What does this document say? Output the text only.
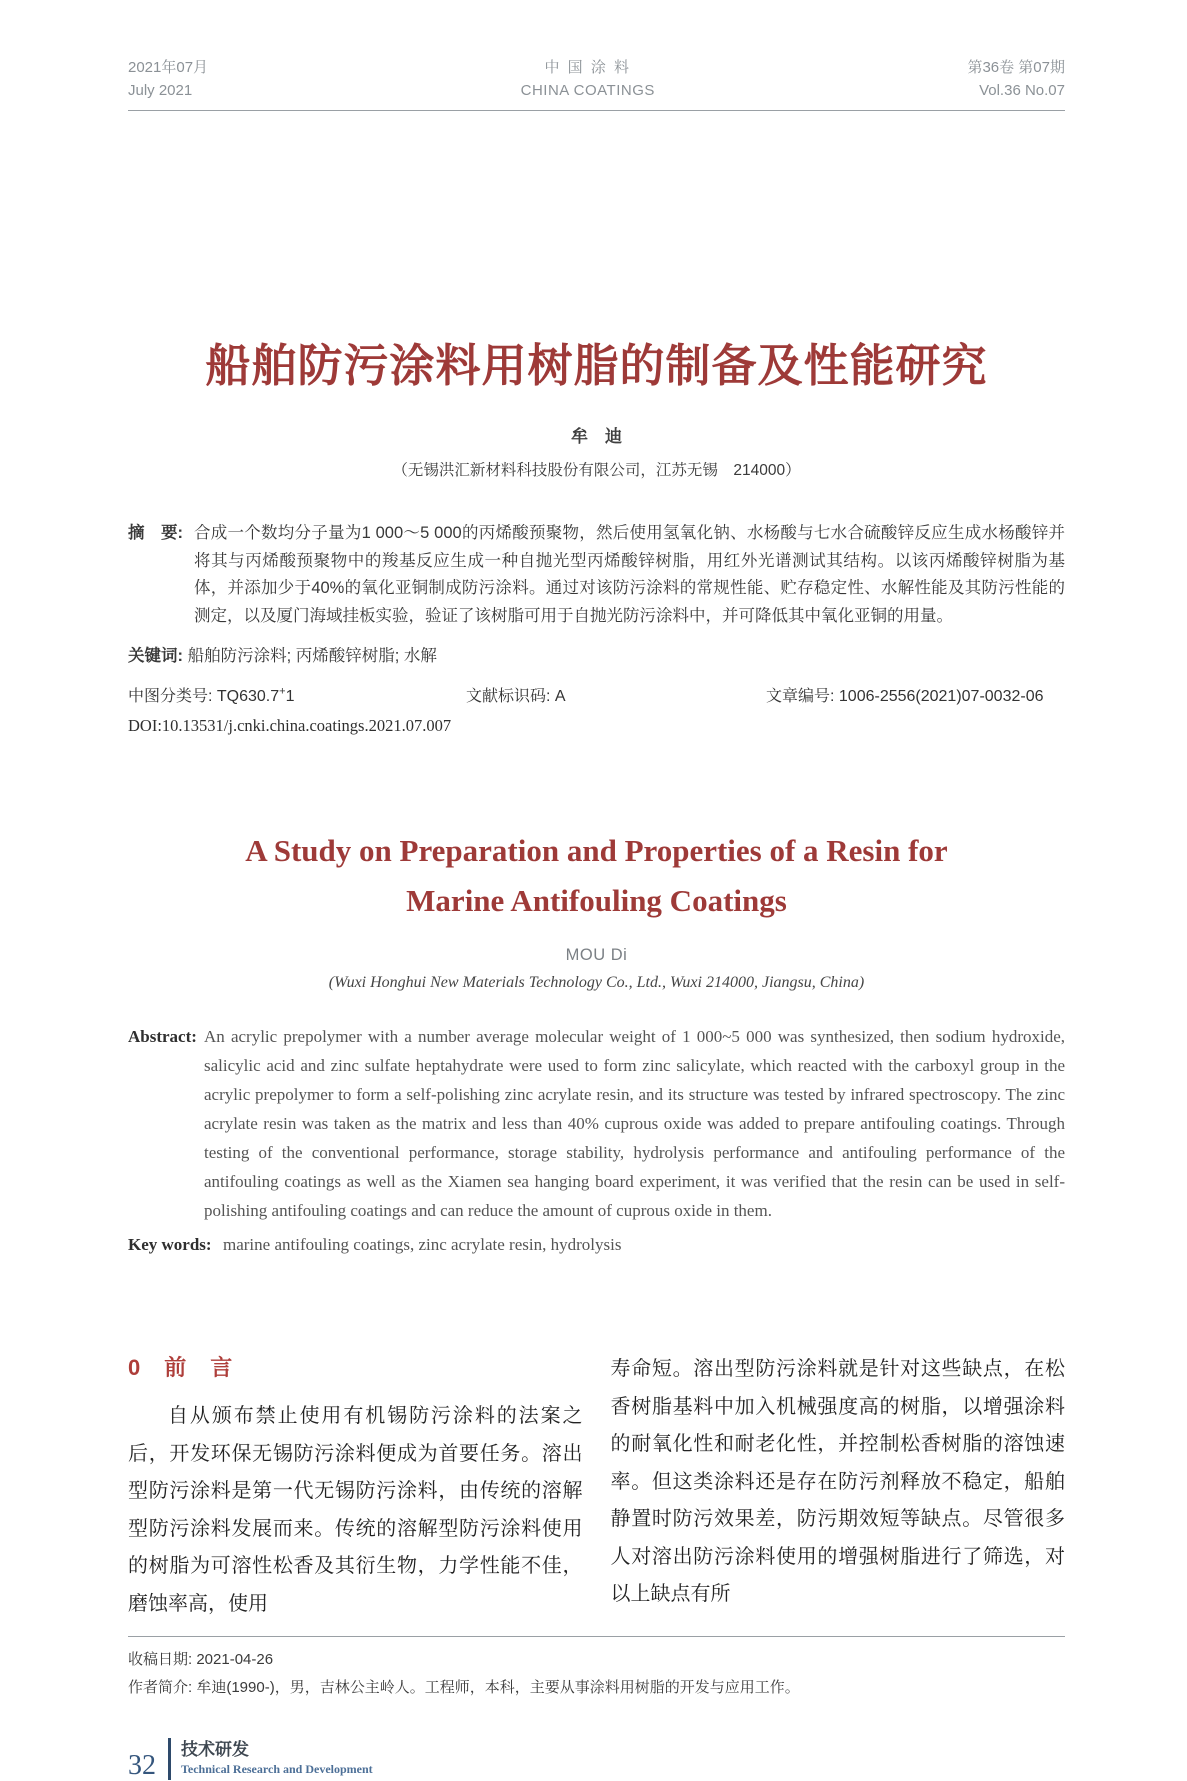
2021年07月
July 2021
中 国 涂 料
CHINA COATINGS
第36卷 第07期
Vol.36 No.07
船舶防污涂料用树脂的制备及性能研究
牟　迪
（无锡洪汇新材料科技股份有限公司，江苏无锡　214000）
摘　要: 合成一个数均分子量为1 000～5 000的丙烯酸预聚物，然后使用氢氧化钠、水杨酸与七水合硫酸锌反应生成水杨酸锌并将其与丙烯酸预聚物中的羧基反应生成一种自抛光型丙烯酸锌树脂，用红外光谱测试其结构。以该丙烯酸锌树脂为基体，并添加少于40%的氧化亚铜制成防污涂料。通过对该防污涂料的常规性能、贮存稳定性、水解性能及其防污性能的测定，以及厦门海域挂板实验，验证了该树脂可用于自抛光防污涂料中，并可降低其中氧化亚铜的用量。
关键词: 船舶防污涂料; 丙烯酸锌树脂; 水解
中图分类号: TQ630.7+1	文献标识码: A	文章编号: 1006-2556(2021)07-0032-06
DOI:10.13531/j.cnki.china.coatings.2021.07.007
A Study on Preparation and Properties of a Resin for
Marine Antifouling Coatings
MOU Di
(Wuxi Honghui New Materials Technology Co., Ltd., Wuxi 214000, Jiangsu, China)
Abstract: An acrylic prepolymer with a number average molecular weight of 1 000~5 000 was synthesized, then sodium hydroxide, salicylic acid and zinc sulfate heptahydrate were used to form zinc salicylate, which reacted with the carboxyl group in the acrylic prepolymer to form a self-polishing zinc acrylate resin, and its structure was tested by infrared spectroscopy. The zinc acrylate resin was taken as the matrix and less than 40% cuprous oxide was added to prepare antifouling coatings. Through testing of the conventional performance, storage stability, hydrolysis performance and antifouling performance of the antifouling coatings as well as the Xiamen sea hanging board experiment, it was verified that the resin can be used in self-polishing antifouling coatings and can reduce the amount of cuprous oxide in them.
Key words: marine antifouling coatings, zinc acrylate resin, hydrolysis
0　前　言

自从颁布禁止使用有机锡防污涂料的法案之后，开发环保无锡防污涂料便成为首要任务。溶出型防污涂料是第一代无锡防污涂料，由传统的溶解型防污涂料发展而来。传统的溶解型防污涂料使用的树脂为可溶性松香及其衍生物，力学性能不佳，磨蚀率高，使用

寿命短。溶出型防污涂料就是针对这些缺点，在松香树脂基料中加入机械强度高的树脂，以增强涂料的耐氧化性和耐老化性，并控制松香树脂的溶蚀速率。但这类涂料还是存在防污剂释放不稳定，船舶静置时防污效果差，防污期效短等缺点。尽管很多人对溶出防污涂料使用的增强树脂进行了筛选，对以上缺点有所

收稿日期: 2021-04-26
作者简介: 牟迪(1990-)，男，吉林公主岭人。工程师，本科，主要从事涂料用树脂的开发与应用工作。
32
技术研发
Technical Research and Development
